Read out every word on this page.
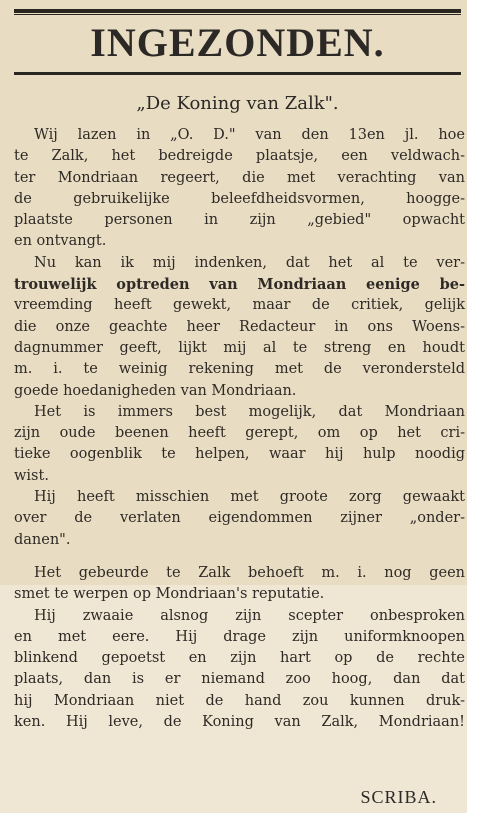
INGEZONDEN.
„De Koning van Zalk".

Wij lazen in „O. D." van den 13en jl. hoe
te Zalk, het bedreigde plaatsje, een veldwach-
ter Mondriaan regeert, die met verachting van
de gebruikelijke beleefdheidsvormen, hoogge-
plaatste personen in zijn „gebied" opwacht
en ontvangt.

Nu kan ik mij indenken, dat het al te ver-
trouwelijk optreden van Mondriaan eenige be-
vreemding heeft gewekt, maar de critiek, gelijk
die onze geachte heer Redacteur in ons Woens-
dagnummer geeft, lijkt mij al te streng en houdt
m. i. te weinig rekening met de verondersteld
goede hoedanigheden van Mondriaan.

Het is immers best mogelijk, dat Mondriaan
zijn oude beenen heeft gerept, om op het cri-
tieke oogenblik te helpen, waar hij hulp noodig
wist.

Hij heeft misschien met groote zorg gewaakt
over de verlaten eigendommen zijner „onder-
danen".

Het gebeurde te Zalk behoeft m. i. nog geen
smet te werpen op Mondriaan's reputatie.

Hij zwaaie alsnog zijn scepter onbesproken
en met eere. Hij drage zijn uniformknoopen
blinkend gepoetst en zijn hart op de rechte
plaats, dan is er niemand zoo hoog, dan dat
hij Mondriaan niet de hand zou kunnen druk-
ken. Hij leve, de Koning van Zalk, Mondriaan!

SCRIBA.
